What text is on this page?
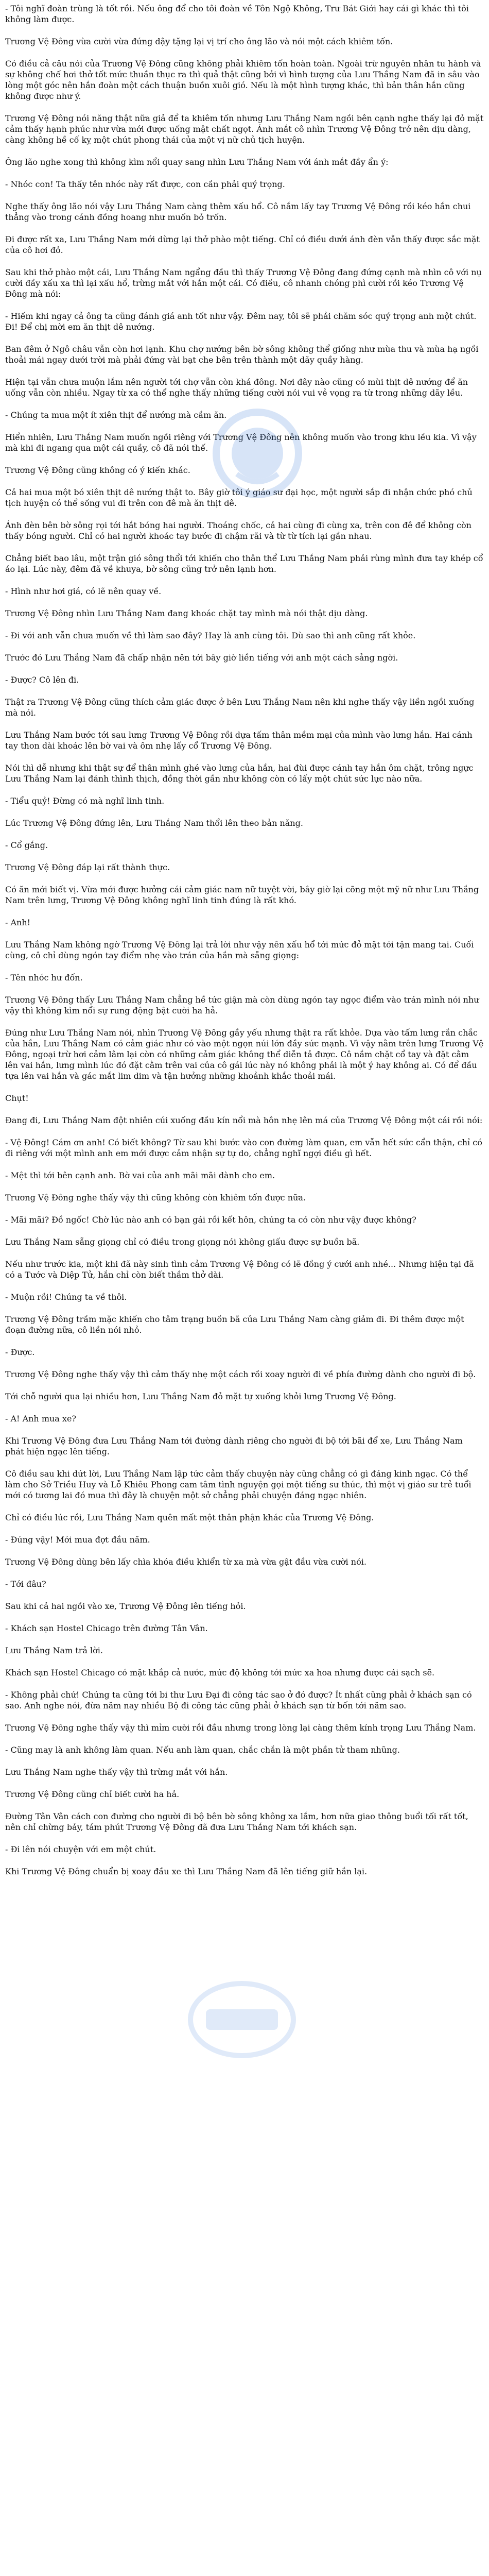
- Tôi nghĩ đoàn trùng là tốt rồi. Nếu ông để cho tôi đoàn về Tôn Ngộ Không, Trư Bát Giới hay cái gì khác thì tôi không làm được.

Trương Vệ Đông vừa cười vừa đứng dậy tặng lại vị trí cho ông lão và nói một cách khiêm tốn.

Có điều cả câu nói của Trương Vệ Đông cũng không phải khiêm tốn hoàn toàn. Ngoài trừ nguyên nhân tu hành và sự không chế hơi thở tốt mức thuần thục ra thì quả thật cũng bởi vì hình tượng của Lưu Thắng Nam đã in sâu vào lòng một góc nên hắn đoàn một cách thuận buồn xuôi gió. Nếu là một hình tượng khác, thì bản thân hắn cũng không được như ý.

Trương Vệ Đông nói năng thật nữa giả để ta khiêm tốn nhưng Lưu Thắng Nam ngồi bên cạnh nghe thấy lại đỏ mặt cảm thấy hạnh phúc như vừa mới được uống mật chất ngọt. Ánh mắt cô nhìn Trương Vệ Đông trở nên dịu dàng, càng không hề cố kỵ một chút phong thái của một vị nữ chủ tịch huyện.

Ông lão nghe xong thì không kìm nổi quay sang nhìn Lưu Thắng Nam với ánh mắt đầy ẩn ý:

- Nhóc con! Ta thấy tên nhóc này rất được, con cần phải quý trọng.

Nghe thấy ông lão nói vậy Lưu Thắng Nam càng thêm xấu hổ. Cô nắm lấy tay Trương Vệ Đông rồi kéo hắn chui thẳng vào trong cánh đồng hoang như muốn bỏ trốn.

Đi được rất xa, Lưu Thắng Nam mới dừng lại thở phào một tiếng. Chỉ có điều dưới ánh đèn vẫn thấy được sắc mặt của cô hơi đỏ.

Sau khi thở phào một cái, Lưu Thắng Nam ngẩng đầu thì thấy Trương Vệ Đông đang đứng cạnh mà nhìn cô với nụ cười đầy xấu xa thì lại xấu hổ, trừng mắt với hắn một cái. Có điều, cô nhanh chóng phì cười rồi kéo Trương Vệ Đông mà nói:

- Hiếm khi ngay cả ông ta cũng đánh giá anh tốt như vậy. Đêm nay, tôi sẽ phải chăm sóc quý trọng anh một chút. Đi! Để chị mời em ăn thịt dê nướng.

Ban đêm ở Ngô châu vẫn còn hơi lạnh. Khu chợ nướng bên bờ sông không thể giống như mùa thu và mùa hạ ngồi thoải mái ngay dưới trời mà phải đứng vài bạt che bên trên thành một dãy quầy hàng.

Hiện tại vẫn chưa muộn lắm nên người tới chợ vẫn còn khá đông. Nơi đây nào cũng có mùi thịt dê nướng để ăn uống vẫn còn nhiều. Ngay từ xa có thể nghe thấy những tiếng cười nói vui vẻ vọng ra từ trong những dãy lều.

- Chúng ta mua một ít xiên thịt để nướng mà cầm ăn.

Hiển nhiên, Lưu Thắng Nam muốn ngồi riêng với Trương Vệ Đông nên không muốn vào trong khu lều kia. Vì vậy mà khi đi ngang qua một cái quầy, cô đã nói thế.

Trương Vệ Đông cũng không có ý kiến khác.

Cả hai mua một bó xiên thịt dê nướng thật to. Bây giờ tôi ý giáo sư đại học, một người sắp đi nhận chức phó chủ tịch huyện có thể sống vui đi trên con đê mà ăn thịt dê.

Ánh đèn bên bờ sông rọi tới hắt bóng hai người. Thoáng chốc, cả hai cùng đi cùng xa, trên con đê để không còn thấy bóng người. Chỉ có hai người khoác tay bước đi chậm rãi và từ từ tích lại gần nhau.

Chẳng biết bao lâu, một trận gió sông thổi tới khiến cho thân thể Lưu Thắng Nam phải rùng mình đưa tay khép cổ áo lại. Lúc này, đêm đã về khuya, bờ sông cũng trở nên lạnh hơn.

- Hình như hơi giá, có lẽ nên quay về.

Trương Vệ Đông nhìn Lưu Thắng Nam đang khoác chặt tay mình mà nói thật dịu dàng.

- Đi với anh vẫn chưa muốn về thì làm sao đây? Hay là anh cùng tôi. Dù sao thì anh cũng rất khỏe.

Trước đó Lưu Thắng Nam đã chấp nhận nên tới bây giờ liền tiếng với anh một cách sảng ngời.

- Được? Cô lên đi.

Thật ra Trương Vệ Đông cũng thích cảm giác được ở bên Lưu Thắng Nam nên khi nghe thấy vậy liền ngồi xuống mà nói.

Lưu Thắng Nam bước tới sau lưng Trương Vệ Đông rồi dựa tấm thân mềm mại của mình vào lưng hắn. Hai cánh tay thon dài khoác lên bờ vai và ôm nhẹ lấy cổ Trương Vệ Đông.

Nói thì dễ nhưng khi thật sự để thân mình ghé vào lưng của hắn, hai đùi được cánh tay hắn ôm chặt, trông ngực Lưu Thắng Nam lại đánh thình thịch, đồng thời gần như không còn có lấy một chút sức lực nào nữa.

- Tiểu quỷ! Đừng có mà nghĩ linh tinh.

Lúc Trương Vệ Đông đứng lên, Lưu Thắng Nam thổi lên theo bản năng.

- Cổ gắng.

Trương Vệ Đông đáp lại rất thành thực.

Có ăn mới biết vị. Vừa mới được hưởng cái cảm giác nam nữ tuyệt vời, bây giờ lại cõng một mỹ nữ như Lưu Thắng Nam trên lưng, Trương Vệ Đông không nghĩ linh tinh đúng là rất khó.

- Anh!

Lưu Thắng Nam không ngờ Trương Vệ Đông lại trả lời như vậy nên xấu hổ tới mức đỏ mặt tới tận mang tai. Cuối cùng, cô chỉ dùng ngón tay điểm nhẹ vào trán của hắn mà sẵng giọng:

- Tên nhóc hư đốn.

Trương Vệ Đông thấy Lưu Thắng Nam chẳng hề tức giận mà còn dùng ngón tay ngọc điểm vào trán mình nói như vậy thì không kìm nổi sự rung động bật cười ha hả.

Đúng như Lưu Thắng Nam nói, nhìn Trương Vệ Đông gầy yếu nhưng thật ra rất khỏe. Dựa vào tấm lưng rắn chắc của hắn, Lưu Thắng Nam có cảm giác như có vào một ngọn núi lớn đầy sức mạnh. Vì vậy nằm trên lưng Trương Vệ Đông, ngoại trừ hơi cảm lâm lại còn có những cảm giác không thể diễn tả được. Cô nắm chặt cổ tay và đặt cằm lên vai hắn, lưng mình lúc đó đặt cằm trên vai của cô gái lúc này nó không phải là một ý hay không ai. Có để đầu tựa lên vai hắn và gác mắt lim dim và tận hưởng những khoảnh khắc thoải mái.

Chụt!

Đang đi, Lưu Thắng Nam đột nhiên cúi xuống đầu kín nổi mà hôn nhẹ lên má của Trương Vệ Đông một cái rồi nói:

- Vệ Đông! Cám ơn anh! Có biết không? Từ sau khi bước vào con đường làm quan, em vẫn hết sức cẩn thận, chỉ có đi riêng với một mình anh em mới được cảm nhận sự tự do, chẳng nghĩ ngợi điều gì hết.

- Mệt thì tới bên cạnh anh. Bờ vai của anh mãi mãi dành cho em.

Trương Vệ Đông nghe thấy vậy thì cũng không còn khiêm tốn được nữa.

- Mãi mãi? Đồ ngốc! Chờ lúc nào anh có bạn gái rồi kết hôn, chúng ta có còn như vậy được không?

Lưu Thắng Nam sẵng giọng chỉ có điều trong giọng nói không giấu được sự buồn bã.

Nếu như trước kia, một khi đã này sinh tình cảm Trương Vệ Đông có lẽ đồng ý cưới anh nhé... Nhưng hiện tại đã có a Tước và Diệp Tử, hắn chỉ còn biết thầm thở dài.

- Muộn rồi! Chúng ta về thôi.

Trương Vệ Đông trầm mặc khiến cho tâm trạng buồn bã của Lưu Thắng Nam càng giảm đi. Đi thêm được một đoạn đường nữa, cô liền nói nhỏ.

- Được.

Trương Vệ Đông nghe thấy vậy thì cảm thấy nhẹ một cách rồi xoay người đi về phía đường dành cho người đi bộ.

Tới chỗ người qua lại nhiều hơn, Lưu Thắng Nam đỏ mặt tự xuống khỏi lưng Trương Vệ Đông.

- A! Anh mua xe?

Khi Trương Vệ Đông đưa Lưu Thắng Nam tới đường dành riêng cho người đi bộ tới bãi để xe, Lưu Thắng Nam phát hiện ngạc lên tiếng.

Cô điều sau khi dứt lời, Lưu Thắng Nam lập tức cảm thấy chuyện này cũng chẳng có gì đáng kinh ngạc. Có thể làm cho Sở Triều Huy và Lỗ Khiêu Phong cam tâm tình nguyện gọi một tiếng sư thúc, thì một vị giáo sư trẻ tuổi mới có tương lai đó mua thì đây là chuyện một sở chẳng phải chuyện đáng ngạc nhiên.

Chỉ có điều lúc rồi, Lưu Thắng Nam quên mất một thân phận khác của Trương Vệ Đông.

- Đúng vậy! Mới mua đợt đầu năm.

Trương Vệ Đông dùng bên lấy chìa khóa điều khiển từ xa mà vừa gật đầu vừa cười nói.

- Tới đâu?

Sau khi cả hai ngồi vào xe, Trương Vệ Đông lên tiếng hỏi.

- Khách sạn Hostel Chicago trên đường Tân Vân.

Lưu Thắng Nam trả lời.

Khách sạn Hostel Chicago có mặt khắp cả nước, mức độ không tới mức xa hoa nhưng được cái sạch sẽ.

- Không phải chứ! Chúng ta cũng tới bi thư Lưu Đại đi công tác sao ở đó được? Ít nhất cũng phải ở khách sạn có sao. Anh nghe nói, đừa năm nay nhiều Bộ đi công tác cũng phải ở khách sạn từ bốn tới năm sao.

Trương Vệ Đông nghe thấy vậy thì mỉm cười rồi đầu nhưng trong lòng lại càng thêm kính trọng Lưu Thắng Nam.

- Cũng may là anh không làm quan. Nếu anh làm quan, chắc chắn là một phần tử tham nhũng.

Lưu Thắng Nam nghe thấy vậy thì trừng mắt với hắn.

Trương Vệ Đông cũng chỉ biết cười ha hả.

Đường Tân Vân cách con đường cho người đi bộ bên bờ sông không xa lắm, hơn nữa giao thông buổi tối rất tốt, nên chỉ chừng bảy, tám phút Trương Vệ Đông đã đưa Lưu Thắng Nam tới khách sạn.

- Đi lên nói chuyện với em một chút.

Khi Trương Vệ Đông chuẩn bị xoay đầu xe thì Lưu Thắng Nam đã lên tiếng giữ hắn lại.
